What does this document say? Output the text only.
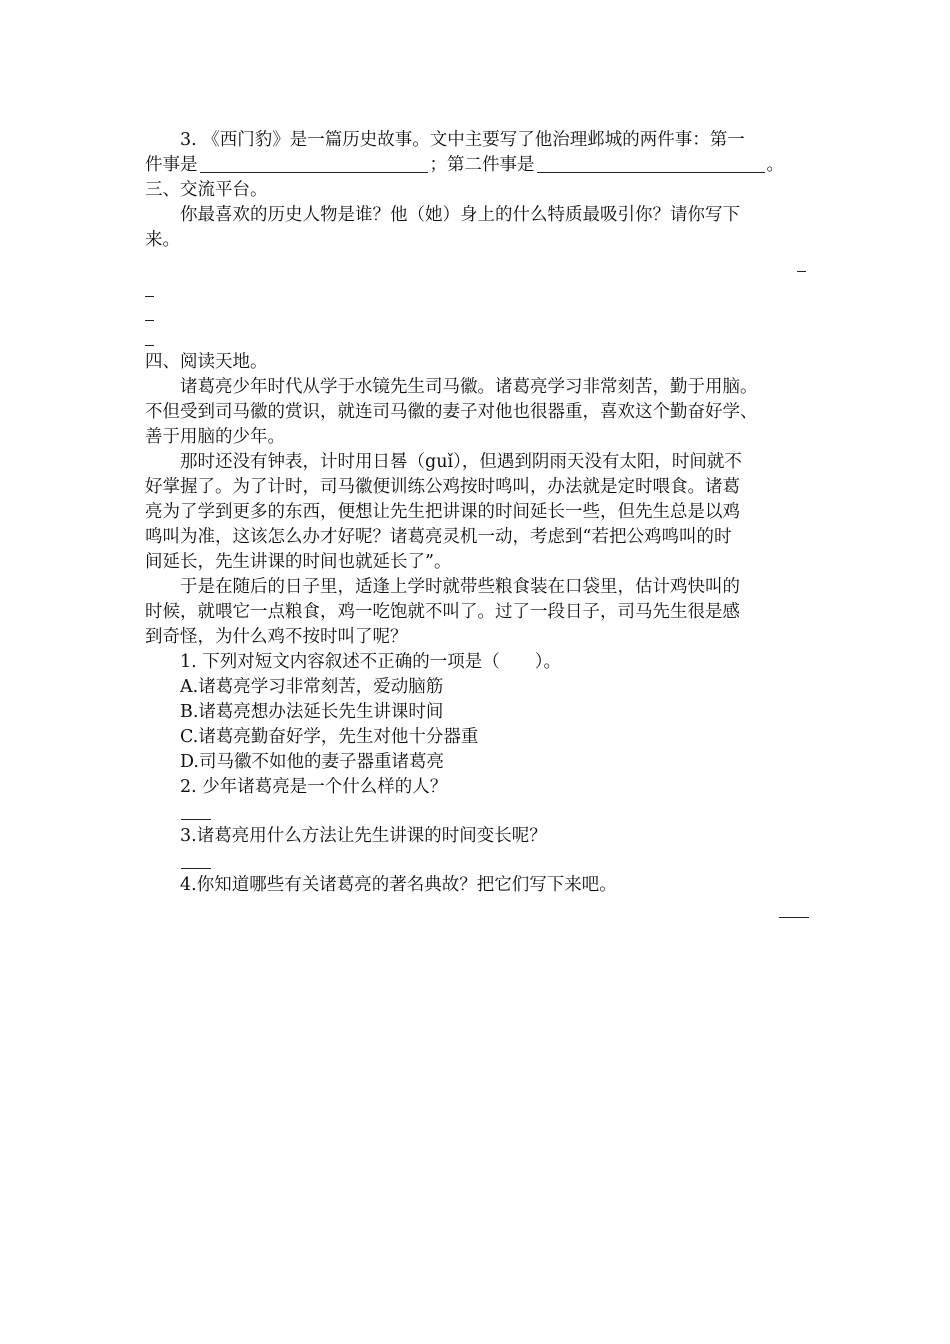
3. 《西门豹》是一篇历史故事。文中主要写了他治理邺城的两件事：第一
件事是	；第二件事是	。
三、交流平台。
你最喜欢的历史人物是谁？他（她）身上的什么特质最吸引你？请你写下
来。
四、阅读天地。
诸葛亮少年时代从学于水镜先生司马徽。诸葛亮学习非常刻苦，勤于用脑。
不但受到司马徽的赏识，就连司马徽的妻子对他也很器重，喜欢这个勤奋好学、
善于用脑的少年。
那时还没有钟表，计时用日晷（guǐ），但遇到阴雨天没有太阳，时间就不
好掌握了。为了计时，司马徽便训练公鸡按时鸣叫，办法就是定时喂食。诸葛
亮为了学到更多的东西，便想让先生把讲课的时间延长一些，但先生总是以鸡
鸣叫为准，这该怎么办才好呢？诸葛亮灵机一动，考虑到“若把公鸡鸣叫的时
间延长，先生讲课的时间也就延长了”。
于是在随后的日子里，适逢上学时就带些粮食装在口袋里，估计鸡快叫的
时候，就喂它一点粮食，鸡一吃饱就不叫了。过了一段日子，司马先生很是感
到奇怪，为什么鸡不按时叫了呢？
1. 下列对短文内容叙述不正确的一项是（　　）。
A.诸葛亮学习非常刻苦，爱动脑筋
B.诸葛亮想办法延长先生讲课时间
C.诸葛亮勤奋好学，先生对他十分器重
D.司马徽不如他的妻子器重诸葛亮
2. 少年诸葛亮是一个什么样的人？
3.诸葛亮用什么方法让先生讲课的时间变长呢？
4.你知道哪些有关诸葛亮的著名典故？把它们写下来吧。
